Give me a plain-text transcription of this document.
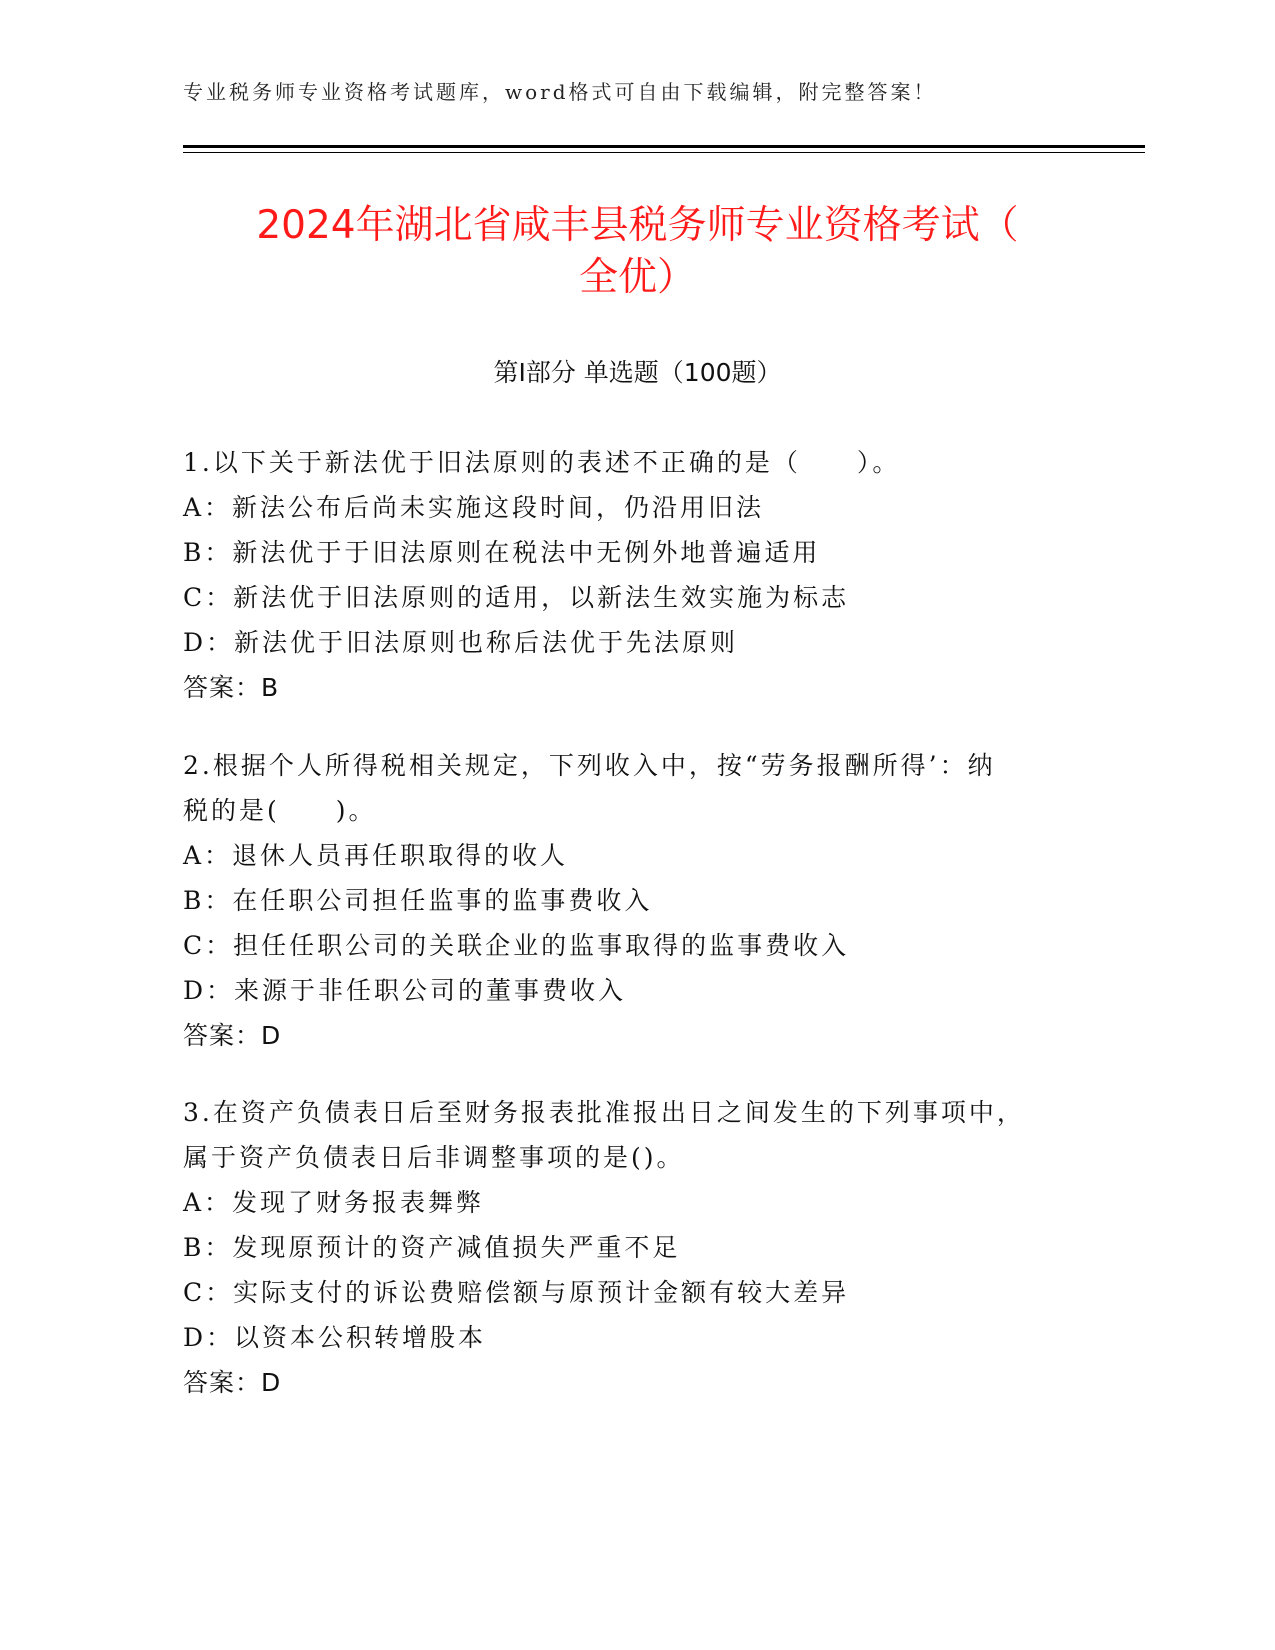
专业税务师专业资格考试题库，word格式可自由下载编辑，附完整答案！
2024年湖北省咸丰县税务师专业资格考试（
全优）
第Ⅰ部分 单选题（100题）

1.以下关于新法优于旧法原则的表述不正确的是（　　）。

A：新法公布后尚未实施这段时间，仍沿用旧法

B：新法优于于旧法原则在税法中无例外地普遍适用

C：新法优于旧法原则的适用，以新法生效实施为标志

D：新法优于旧法原则也称后法优于先法原则

答案：B

2.根据个人所得税相关规定，下列收入中，按“劳务报酬所得’：纳

税的是(　　)。

A：退休人员再任职取得的收人

B：在任职公司担任监事的监事费收入

C：担任任职公司的关联企业的监事取得的监事费收入

D：来源于非任职公司的董事费收入

答案：D

3.在资产负债表日后至财务报表批准报出日之间发生的下列事项中，

属于资产负债表日后非调整事项的是()。

A：发现了财务报表舞弊

B：发现原预计的资产减值损失严重不足

C：实际支付的诉讼费赔偿额与原预计金额有较大差异

D：以资本公积转增股本

答案：D
